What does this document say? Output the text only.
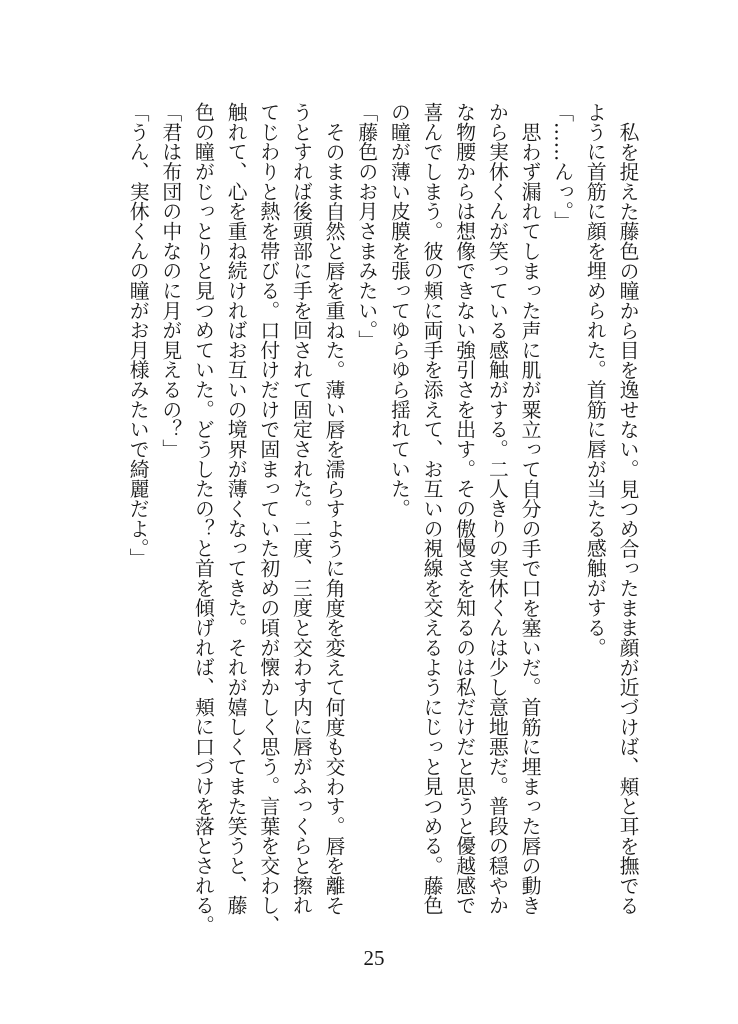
私を捉えた藤色の瞳から目を逸せない。見つめ合ったまま顔が近づけば、頬と耳を撫でる
ように首筋に顔を埋められた。首筋に唇が当たる感触がする。
「……んっ。」
思わず漏れてしまった声に肌が粟立って自分の手で口を塞いだ。首筋に埋まった唇の動き
から実休くんが笑っている感触がする。二人きりの実休くんは少し意地悪だ。普段の穏やか
な物腰からは想像できない強引さを出す。その傲慢さを知るのは私だけだと思うと優越感で
喜んでしまう。彼の頬に両手を添えて、お互いの視線を交えるようにじっと見つめる。藤色
の瞳が薄い皮膜を張ってゆらゆら揺れていた。
「藤色のお月さまみたい。」
そのまま自然と唇を重ねた。薄い唇を濡らすように角度を変えて何度も交わす。唇を離そ
うとすれば後頭部に手を回されて固定された。二度、三度と交わす内に唇がふっくらと擦れ
てじわりと熱を帯びる。口付けだけで固まっていた初めの頃が懐かしく思う。言葉を交わし、
触れて、心を重ね続ければお互いの境界が薄くなってきた。それが嬉しくてまた笑うと、藤
色の瞳がじっとりと見つめていた。どうしたの？と首を傾げれば、頬に口づけを落とされる。
「君は布団の中なのに月が見えるの？」
「うん、実休くんの瞳がお月様みたいで綺麗だよ。」
25
